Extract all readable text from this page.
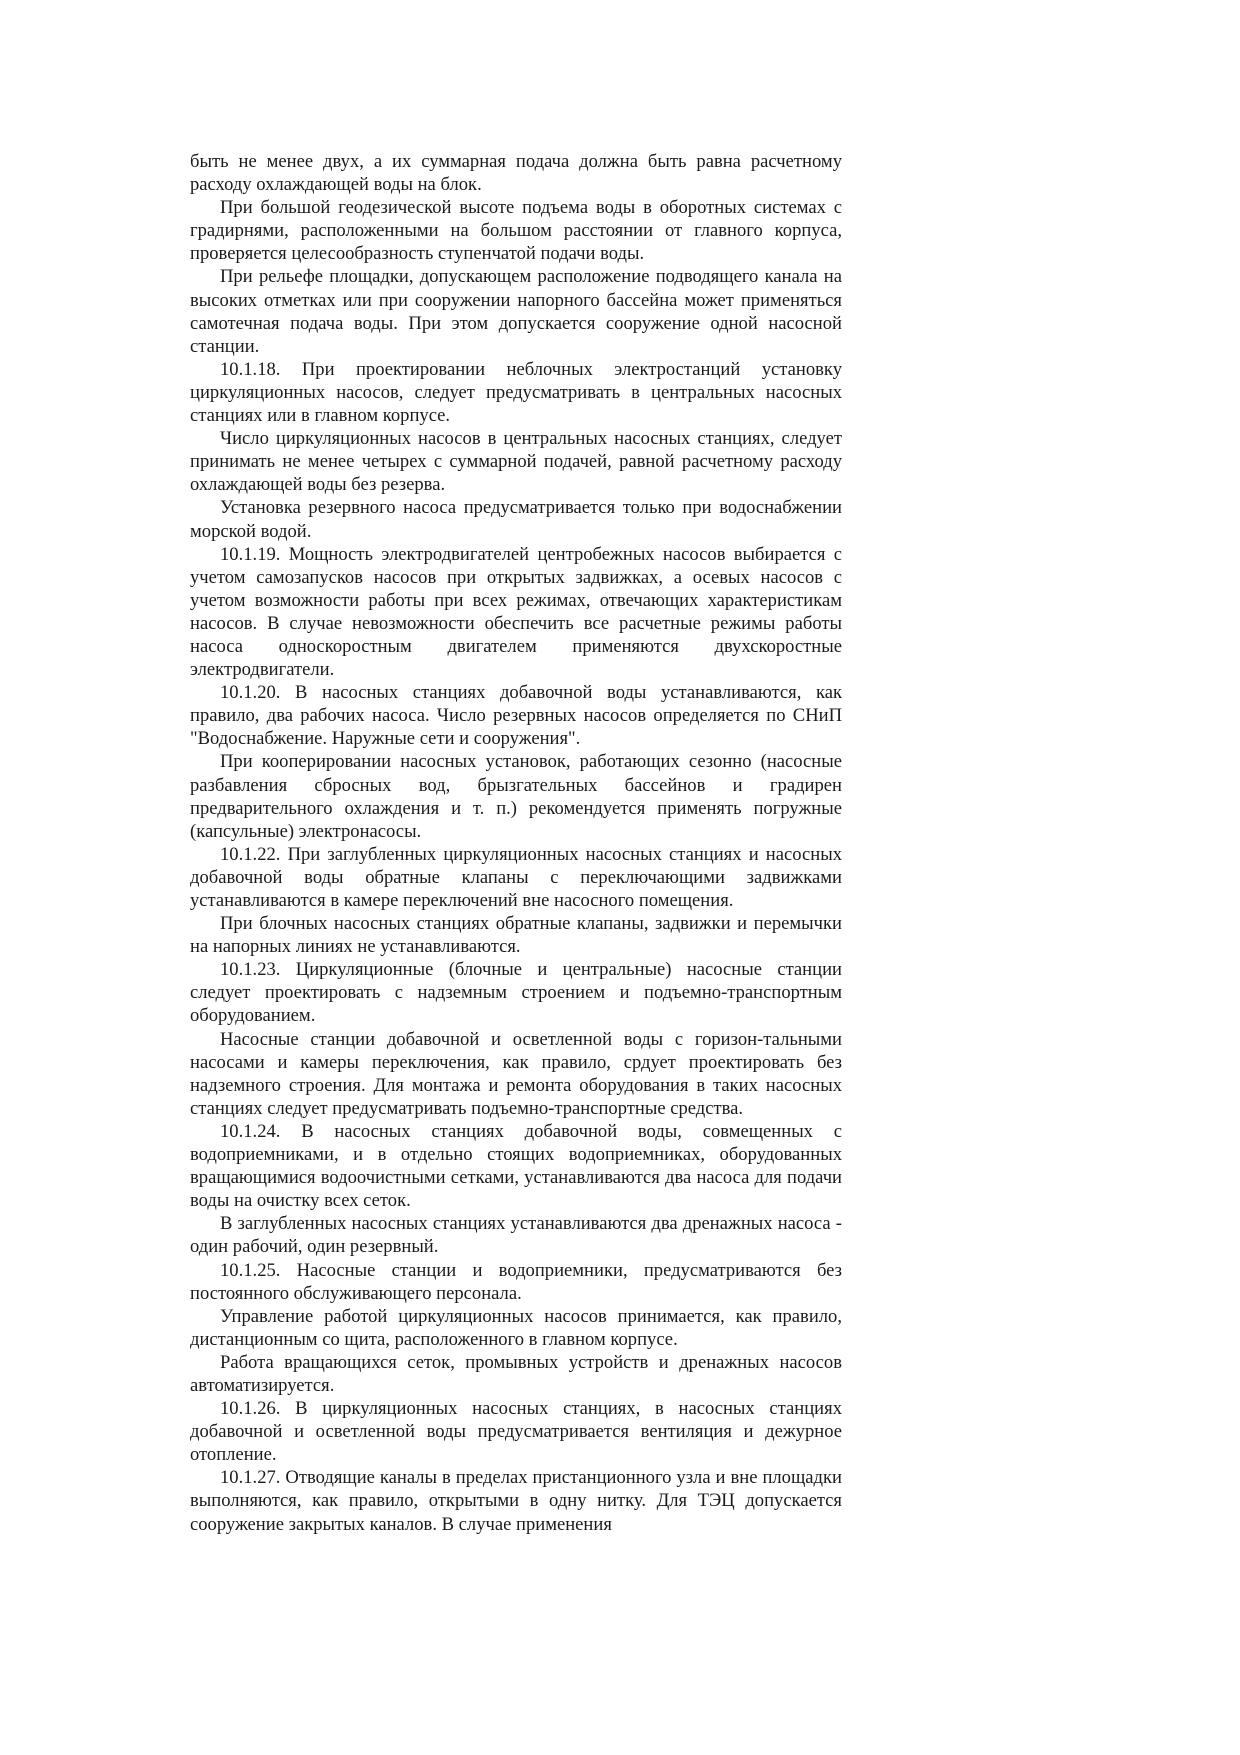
быть не менее двух, а их суммарная подача должна быть равна расчетному расходу охлаждающей воды на блок.

При большой геодезической высоте подъема воды в оборотных системах с градирнями, расположенными на большом расстоянии от главного корпуса, проверяется целесообразность ступенчатой подачи воды.

При рельефе площадки, допускающем расположение подводящего канала на высоких отметках или при сооружении напорного бассейна может применяться самотечная подача воды. При этом допускается сооружение одной насосной станции.

10.1.18. При проектировании неблочных электростанций установку циркуляционных насосов, следует предусматривать в центральных насосных станциях или в главном корпусе.

Число циркуляционных насосов в центральных насосных станциях, следует принимать не менее четырех с суммарной подачей, равной расчетному расходу охлаждающей воды без резерва.

Установка резервного насоса предусматривается только при водоснабжении морской водой.

10.1.19. Мощность электродвигателей центробежных насосов выбирается с учетом самозапусков насосов при открытых задвижках, а осевых насосов с учетом возможности работы при всех режимах, отвечающих характеристикам насосов. В случае невозможности обеспечить все расчетные режимы работы насоса односкоростным двигателем применяются двухскоростные электродвигатели.

10.1.20. В насосных станциях добавочной воды устанавливаются, как правило, два рабочих насоса. Число резервных насосов определяется по СНиП "Водоснабжение. Наружные сети и сооружения".

При кооперировании насосных установок, работающих сезонно (насосные разбавления сбросных вод, брызгательных бассейнов и градирен предварительного охлаждения и т. п.) рекомендуется применять погружные (капсульные) электронасосы.

10.1.22. При заглубленных циркуляционных насосных станциях и насосных добавочной воды обратные клапаны с переключающими задвижками устанавливаются в камере переключений вне насосного помещения.

При блочных насосных станциях обратные клапаны, задвижки и перемычки на напорных линиях не устанавливаются.

10.1.23. Циркуляционные (блочные и центральные) насосные станции следует проектировать с надземным строением и подъемно-транспортным оборудованием.

Насосные станции добавочной и осветленной воды с горизон-тальными насосами и камеры переключения, как правило, срдует проектировать без надземного строения. Для монтажа и ремонта оборудования в таких насосных станциях следует предусматривать подъемно-транспортные средства.

10.1.24. В насосных станциях добавочной воды, совмещенных с водоприемниками, и в отдельно стоящих водоприемниках, оборудованных вращающимися водоочистными сетками, устанавливаются два насоса для подачи воды на очистку всех сеток.

В заглубленных насосных станциях устанавливаются два дренажных насоса - один рабочий, один резервный.

10.1.25. Насосные станции и водоприемники, предусматриваются без постоянного обслуживающего персонала.

Управление работой циркуляционных насосов принимается, как правило, дистанционным со щита, расположенного в главном корпусе.

Работа вращающихся сеток, промывных устройств и дренажных насосов автоматизируется.

10.1.26. В циркуляционных насосных станциях, в насосных станциях добавочной и осветленной воды предусматривается вентиляция и дежурное отопление.

10.1.27. Отводящие каналы в пределах пристанционного узла и вне площадки выполняются, как правило, открытыми в одну нитку. Для ТЭЦ допускается сооружение закрытых каналов. В случае применения
